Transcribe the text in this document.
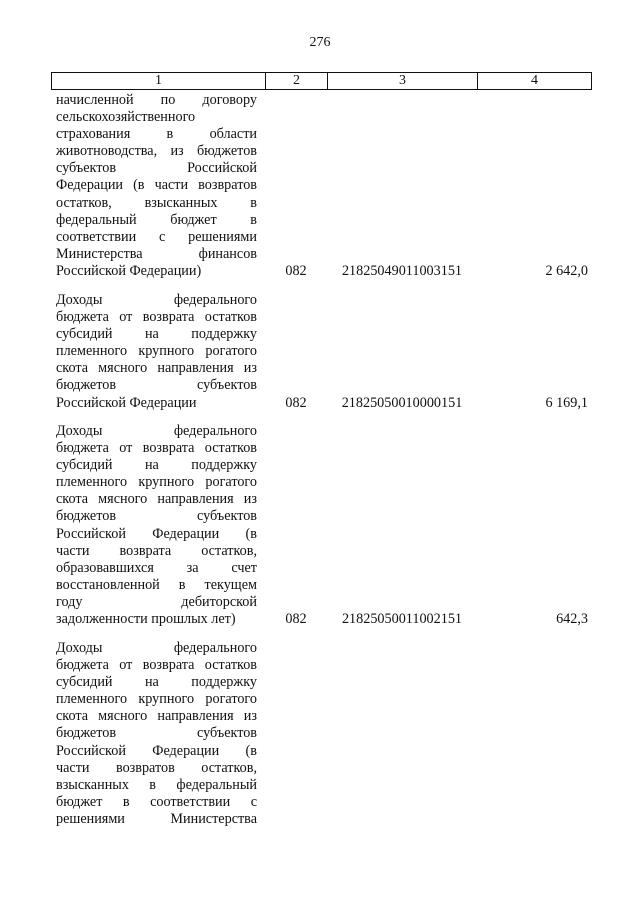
276
1	2	3	4
начисленной по договору
сельскохозяйственного
страхования в области
животноводства, из бюджетов
субъектов Российской
Федерации (в части возвратов
остатков, взысканных в
федеральный бюджет в
соответствии с решениями
Министерства финансов
Российской Федерации)	082	21825049011003151	2 642,0
Доходы федерального
бюджета от возврата остатков
субсидий на поддержку
племенного крупного рогатого
скота мясного направления из
бюджетов субъектов
Российской Федерации	082	21825050010000151	6 169,1
Доходы федерального
бюджета от возврата остатков
субсидий на поддержку
племенного крупного рогатого
скота мясного направления из
бюджетов субъектов
Российской Федерации (в
части возврата остатков,
образовавшихся за счет
восстановленной в текущем
году дебиторской
задолженности прошлых лет)	082	21825050011002151	642,3
Доходы федерального
бюджета от возврата остатков
субсидий на поддержку
племенного крупного рогатого
скота мясного направления из
бюджетов субъектов
Российской Федерации (в
части возвратов остатков,
взысканных в федеральный
бюджет в соответствии с
решениями Министерства
